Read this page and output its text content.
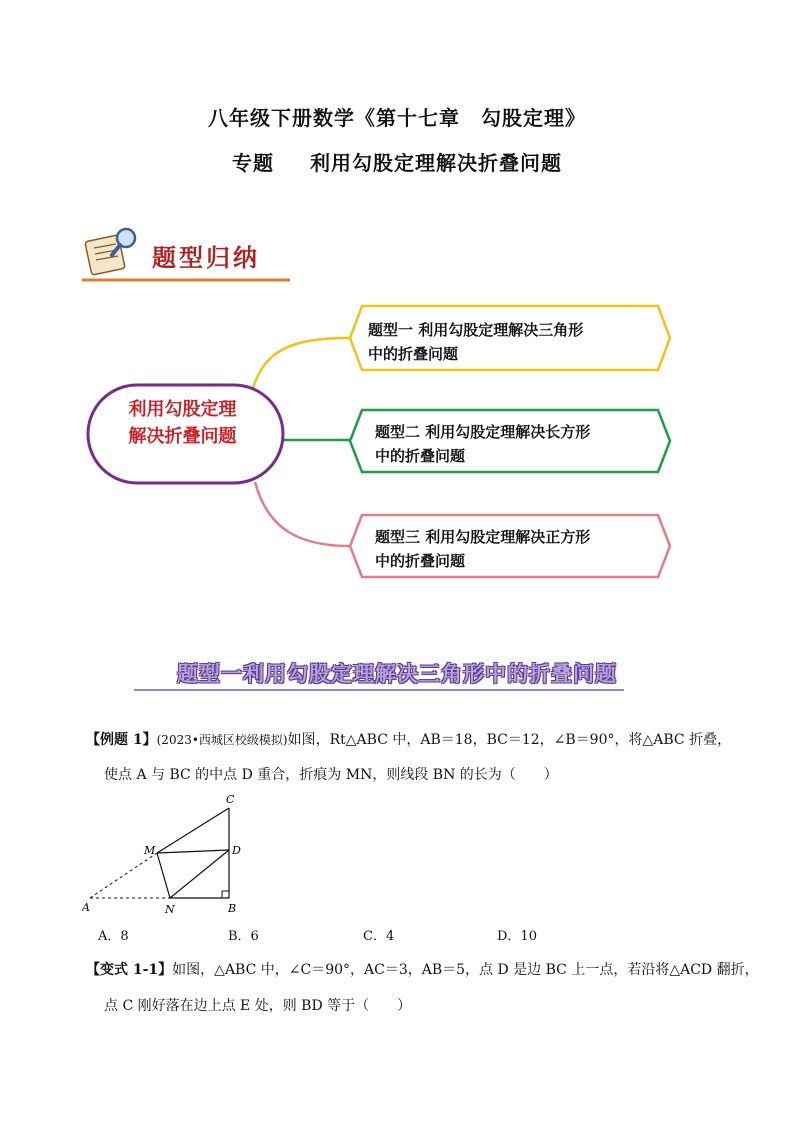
八年级下册数学《第十七章　勾股定理》
专题 利用勾股定理解决折叠问题
题型归纳
利用勾股定理
解决折叠问题
题型一 利用勾股定理解决三角形
中的折叠问题
题型二 利用勾股定理解决长方形
中的折叠问题
题型三 利用勾股定理解决正方形
中的折叠问题
题型一利用勾股定理解决三角形中的折叠问题
【例题 1】(2023•西城区校级模拟)如图，Rt△ABC 中，AB＝18，BC＝12，∠B＝90°，将△ABC 折叠，
使点 A 与 BC 的中点 D 重合，折痕为 MN，则线段 BN 的长为（　　）
A	B
C
D
M
N
A．8	B．6	C．4	D．10
【变式 1-1】如图，△ABC 中，∠C＝90°，AC＝3，AB＝5，点 D 是边 BC 上一点，若沿将△ACD 翻折，
点 C 刚好落在边上点 E 处，则 BD 等于（　　）
